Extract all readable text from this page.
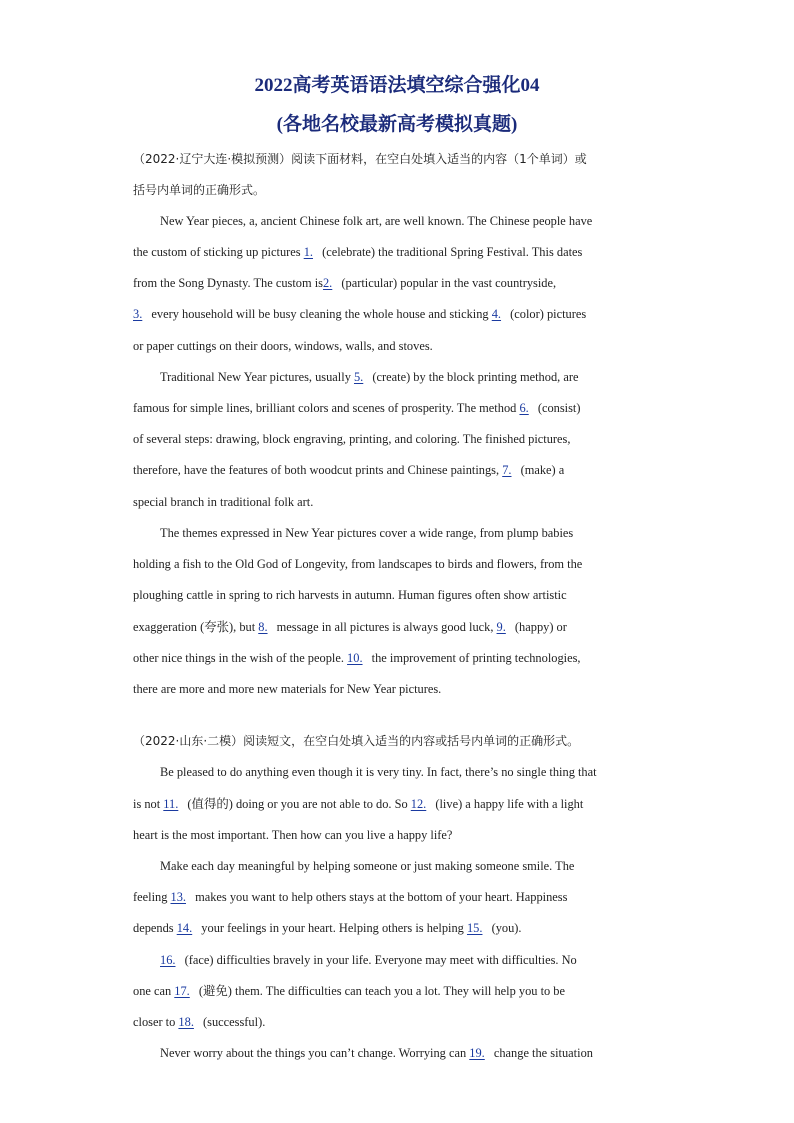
2022高考英语语法填空综合强化04
(各地名校最新高考模拟真题)
（2022·辽宁大连·模拟预测）阅读下面材料，在空白处填入适当的内容（1个单词）或
括号内单词的正确形式。
New Year pieces, a, ancient Chinese folk art, are well known. The Chinese people have
the custom of sticking up pictures 1. (celebrate) the traditional Spring Festival. This dates
from the Song Dynasty. The custom is2. (particular) popular in the vast countryside,
3. every household will be busy cleaning the whole house and sticking 4. (color) pictures
or paper cuttings on their doors, windows, walls, and stoves.
Traditional New Year pictures, usually 5. (create) by the block printing method, are
famous for simple lines, brilliant colors and scenes of prosperity. The method 6. (consist)
of several steps: drawing, block engraving, printing, and coloring. The finished pictures,
therefore, have the features of both woodcut prints and Chinese paintings, 7. (make) a
special branch in traditional folk art.
The themes expressed in New Year pictures cover a wide range, from plump babies
holding a fish to the Old God of Longevity, from landscapes to birds and flowers, from the
ploughing cattle in spring to rich harvests in autumn. Human figures often show artistic
exaggeration (夸张), but 8. message in all pictures is always good luck, 9. (happy) or
other nice things in the wish of the people. 10. the improvement of printing technologies,
there are more and more new materials for New Year pictures.
（2022·山东·二模）阅读短文，在空白处填入适当的内容或括号内单词的正确形式。
Be pleased to do anything even though it is very tiny. In fact, there’s no single thing that
is not 11. (值得的) doing or you are not able to do. So 12. (live) a happy life with a light
heart is the most important. Then how can you live a happy life?
Make each day meaningful by helping someone or just making someone smile. The
feeling 13. makes you want to help others stays at the bottom of your heart. Happiness
depends 14. your feelings in your heart. Helping others is helping 15. (you).
16. (face) difficulties bravely in your life. Everyone may meet with difficulties. No
one can 17. (避免) them. The difficulties can teach you a lot. They will help you to be
closer to 18. (successful).
Never worry about the things you can’t change. Worrying can 19. change the situation
